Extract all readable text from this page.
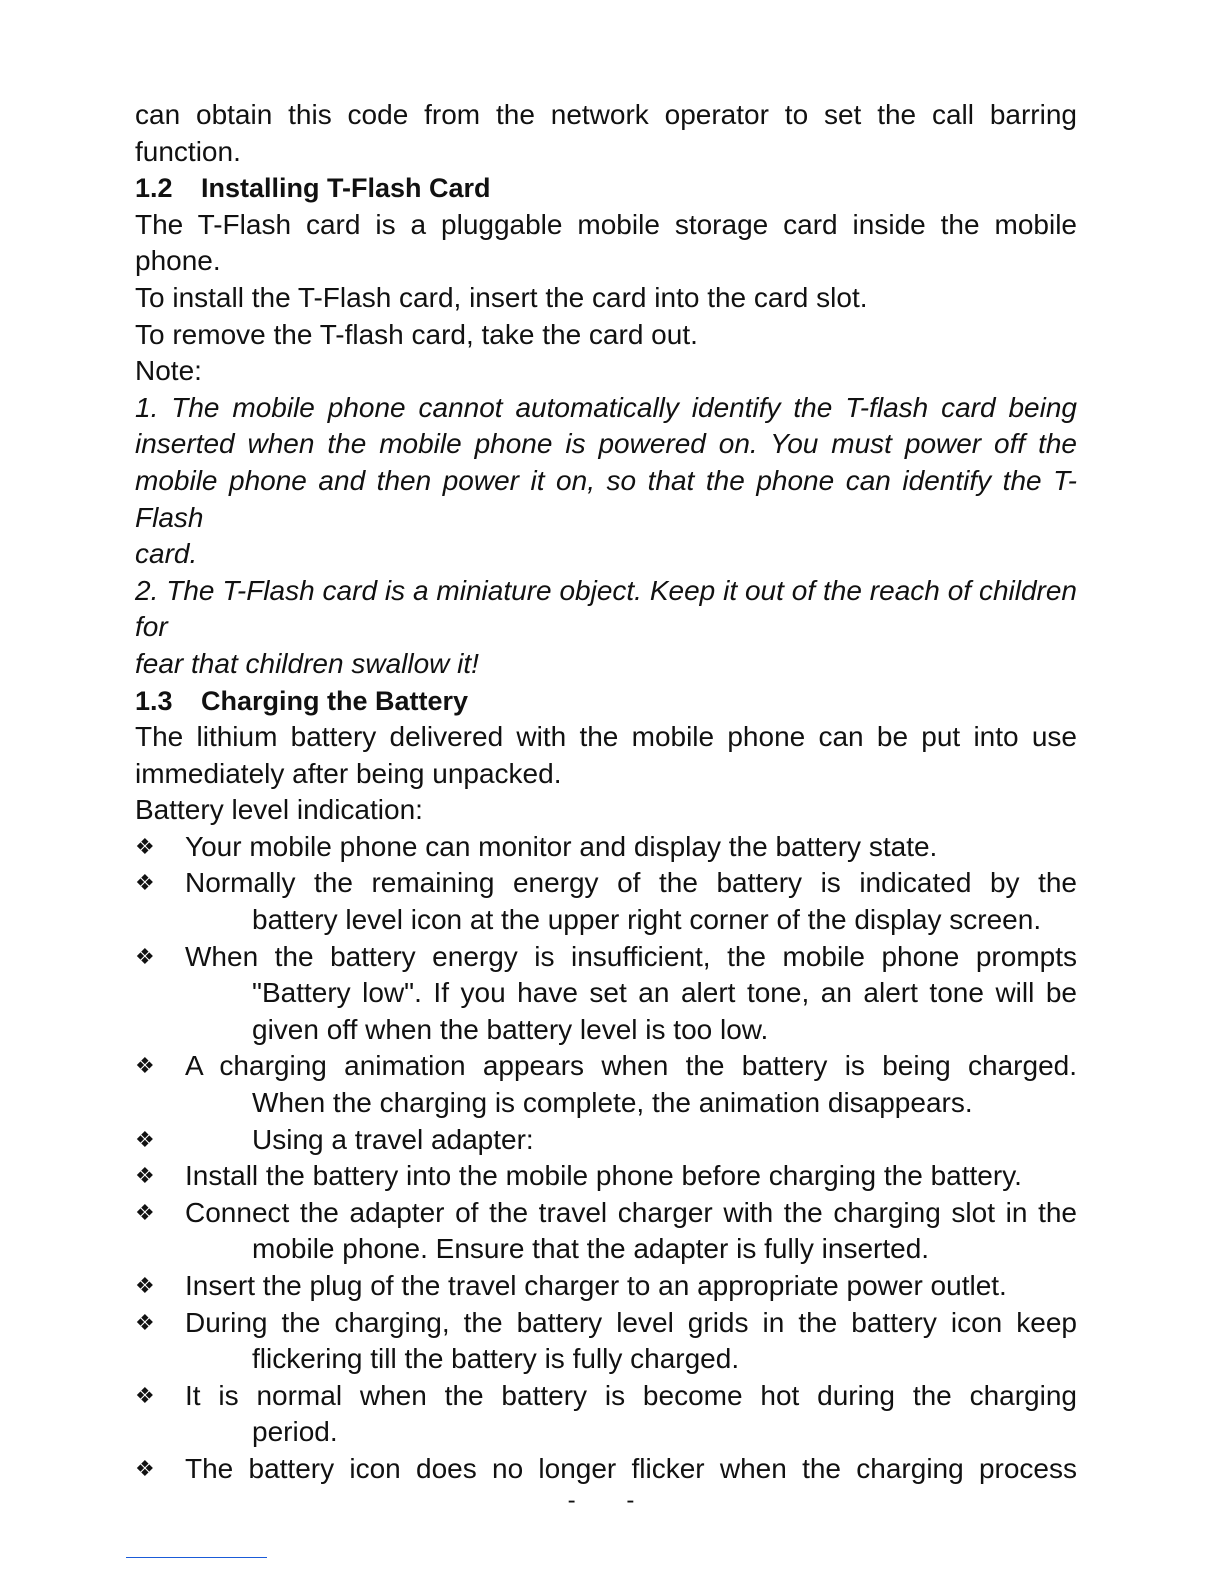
can obtain this code from the network operator to set the call barring
function.
1.2 Installing T-Flash Card
The T-Flash card is a pluggable mobile storage card inside the mobile
phone.
To install the T-Flash card, insert the card into the card slot.
To remove the T-flash card, take the card out.
Note:
1. The mobile phone cannot automatically identify the T-flash card being
inserted when the mobile phone is powered on. You must power off the
mobile phone and then power it on, so that the phone can identify the T-Flash
card.
2. The T-Flash card is a miniature object. Keep it out of the reach of children for
fear that children swallow it!
1.3 Charging the Battery
The lithium battery delivered with the mobile phone can be put into use
immediately after being unpacked.
Battery level indication:
❖ Your mobile phone can monitor and display the battery state.
❖ Normally the remaining energy of the battery is indicated by the
battery level icon at the upper right corner of the display screen.
❖ When the battery energy is insufficient, the mobile phone prompts
"Battery low". If you have set an alert tone, an alert tone will be
given off when the battery level is too low.
❖ A charging animation appears when the battery is being charged.
When the charging is complete, the animation disappears.
❖	Using a travel adapter:
❖ Install the battery into the mobile phone before charging the battery.
❖ Connect the adapter of the travel charger with the charging slot in the
mobile phone. Ensure that the adapter is fully inserted.
❖ Insert the plug of the travel charger to an appropriate power outlet.
❖ During the charging, the battery level grids in the battery icon keep
flickering till the battery is fully charged.
❖ It is normal when the battery is become hot during the charging
period.
❖ The battery icon does no longer flicker when the charging process
- -
